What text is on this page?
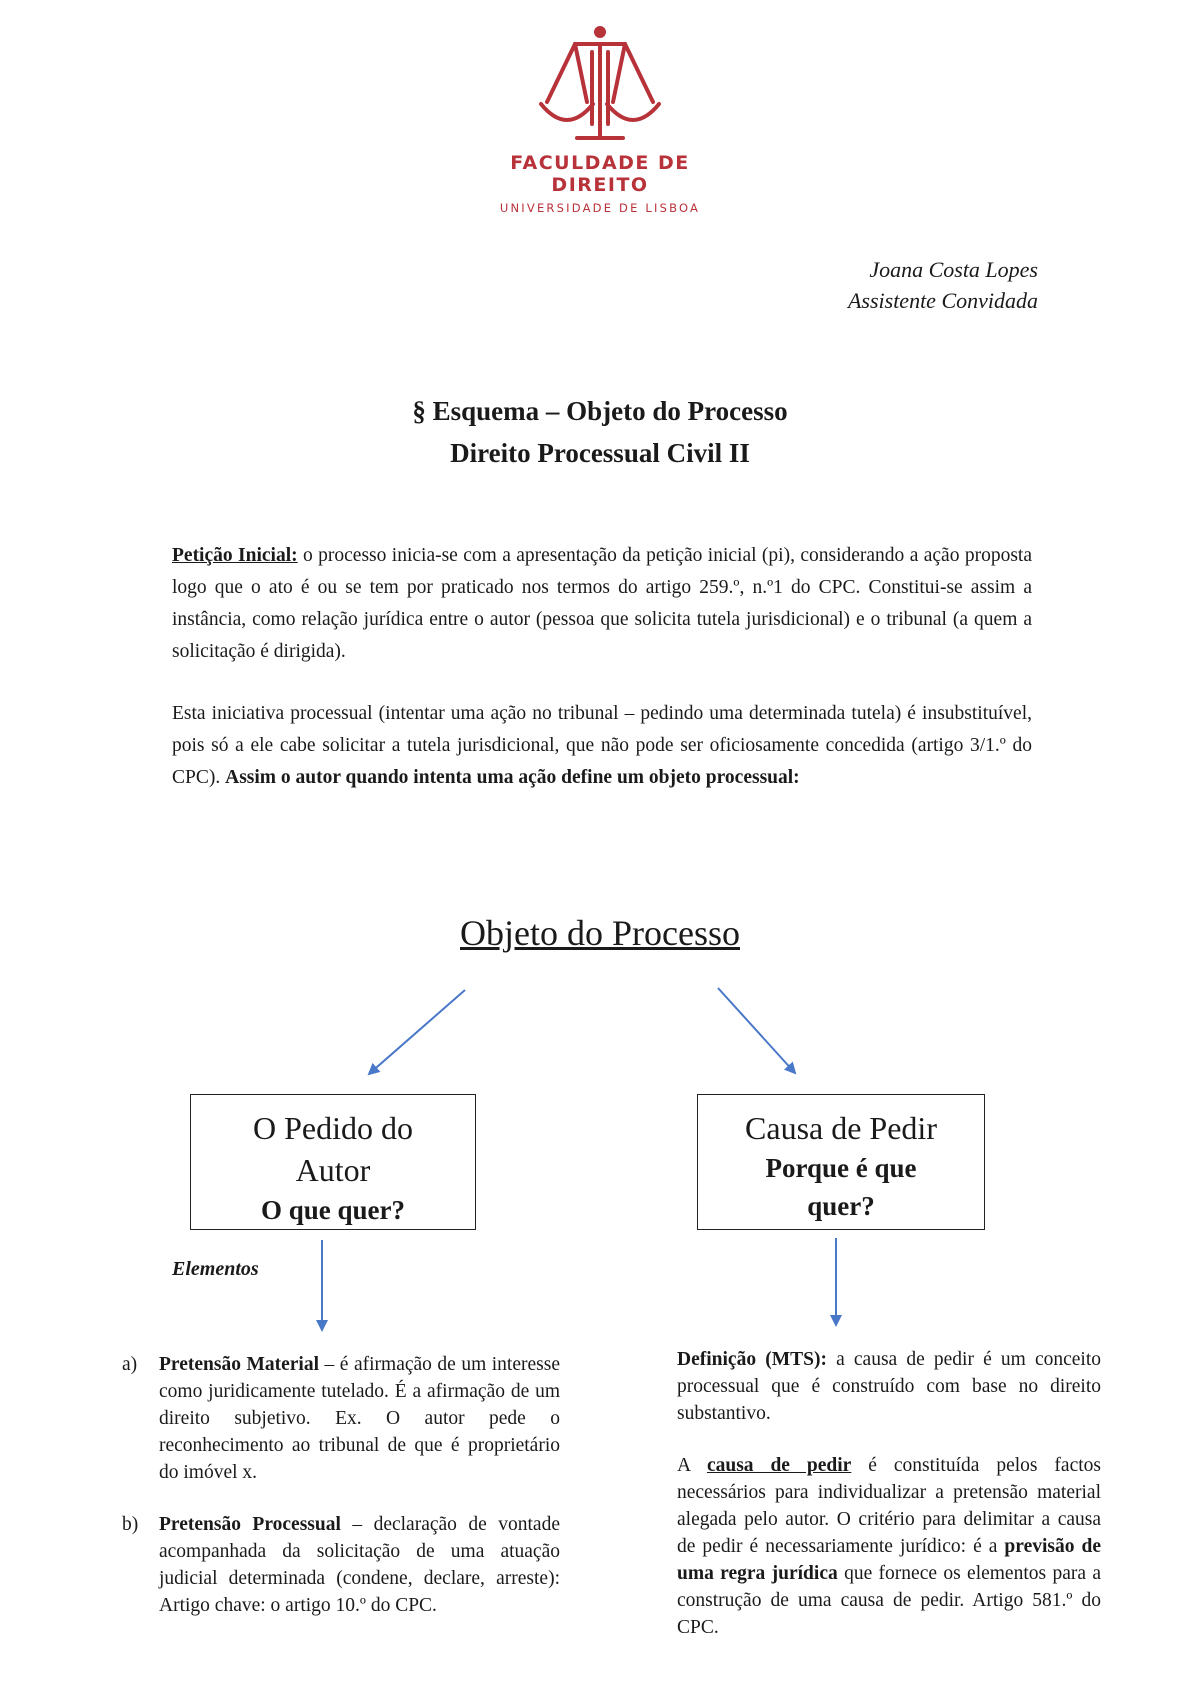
FACULDADE DE DIREITO
UNIVERSIDADE DE LISBOA
Joana Costa Lopes
Assistente Convidada
§ Esquema – Objeto do Processo
Direito Processual Civil II
Petição Inicial: o processo inicia-se com a apresentação da petição inicial (pi), considerando a ação proposta logo que o ato é ou se tem por praticado nos termos do artigo 259.º, n.º1 do CPC. Constitui-se assim a instância, como relação jurídica entre o autor (pessoa que solicita tutela jurisdicional) e o tribunal (a quem a solicitação é dirigida).
Esta iniciativa processual (intentar uma ação no tribunal – pedindo uma determinada tutela) é insubstituível, pois só a ele cabe solicitar a tutela jurisdicional, que não pode ser oficiosamente concedida (artigo 3/1.º do CPC). Assim o autor quando intenta uma ação define um objeto processual:
Objeto do Processo
O Pedido do
Autor
O que quer?
Causa de Pedir
Porque é que
quer?
Elementos
a)	Pretensão Material – é afirmação de um interesse como juridicamente tutelado. É a afirmação de um direito subjetivo. Ex. O autor pede o reconhecimento ao tribunal de que é proprietário do imóvel x.
b)	Pretensão Processual – declaração de vontade acompanhada da solicitação de uma atuação judicial determinada (condene, declare, arreste): Artigo chave: o artigo 10.º do CPC.

Definição (MTS): a causa de pedir é um conceito processual que é construído com base no direito substantivo.

A causa de pedir é constituída pelos factos necessários para individualizar a pretensão material alegada pelo autor. O critério para delimitar a causa de pedir é necessariamente jurídico: é a previsão de uma regra jurídica que fornece os elementos para a construção de uma causa de pedir. Artigo 581.º do CPC.
